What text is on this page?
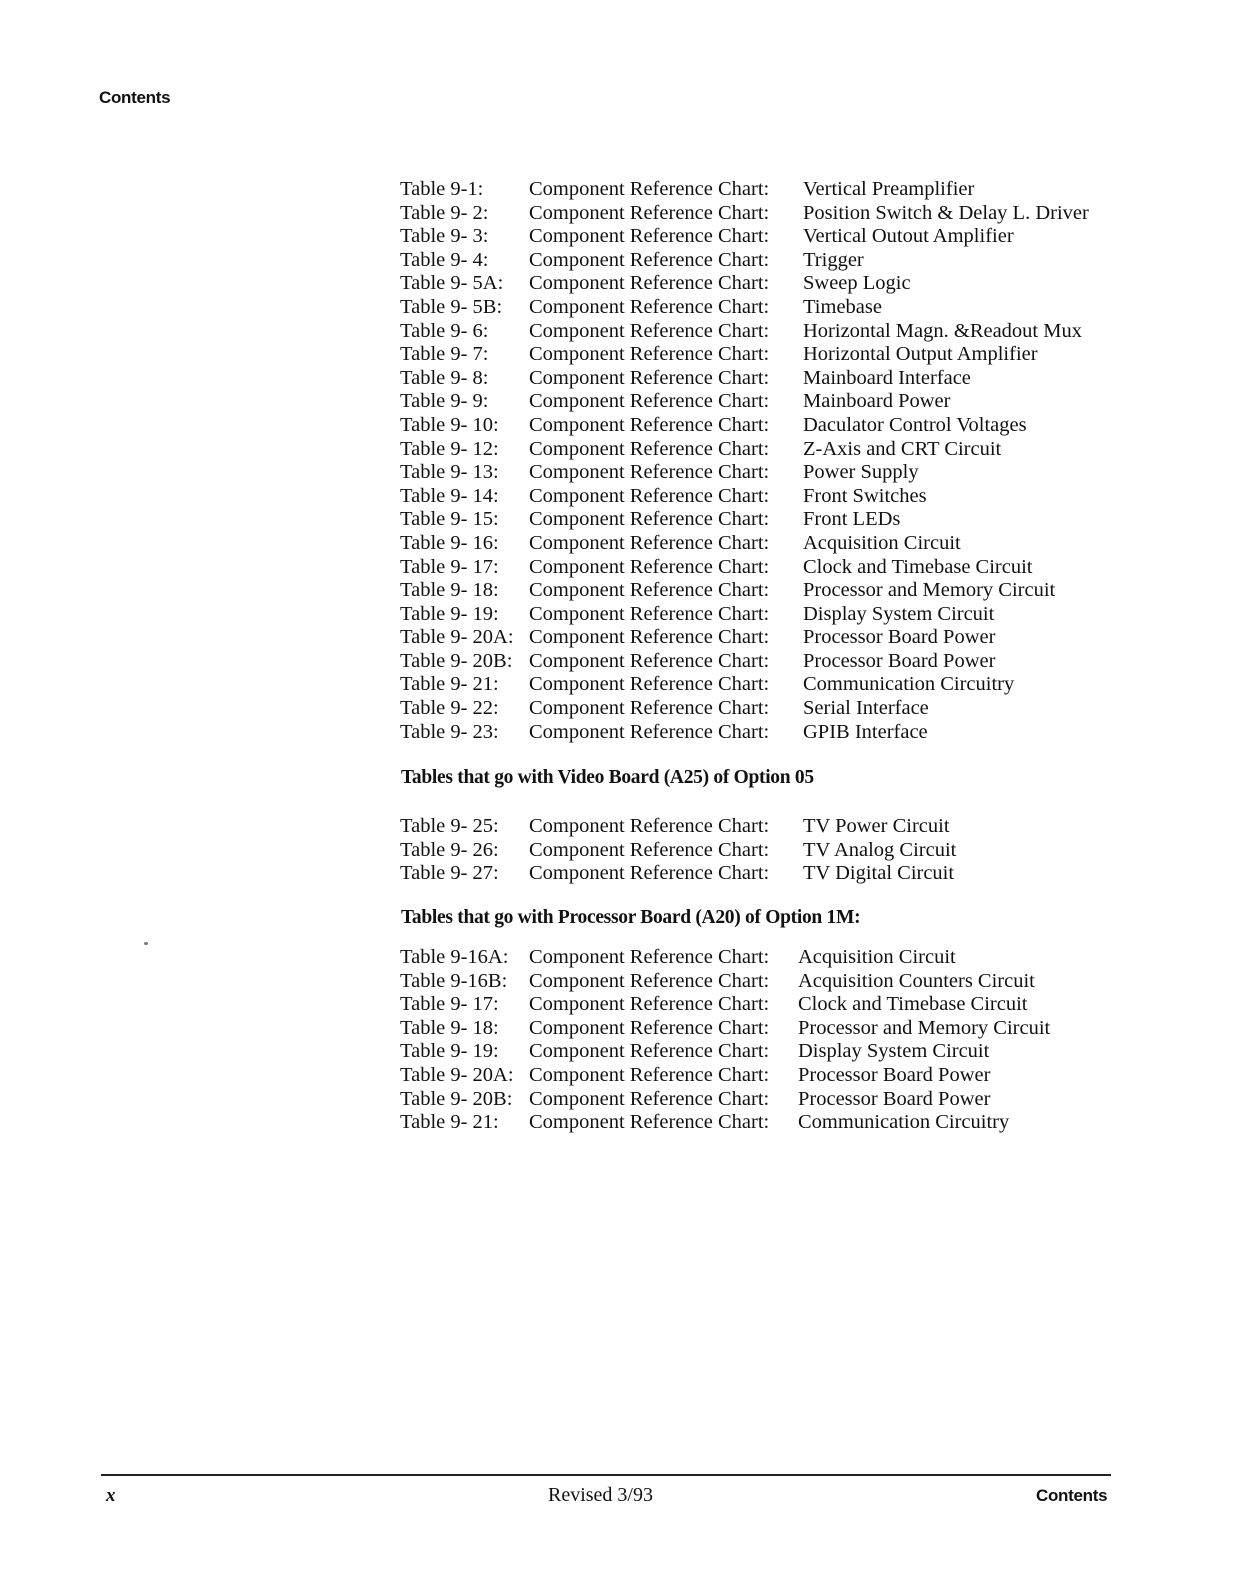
Contents
Table 9-1: Component Reference Chart: Vertical Preamplifier
Table 9- 2: Component Reference Chart: Position Switch & Delay L. Driver
Table 9- 3: Component Reference Chart: Vertical Outout Amplifier
Table 9- 4: Component Reference Chart: Trigger
Table 9- 5A: Component Reference Chart: Sweep Logic
Table 9- 5B: Component Reference Chart: Timebase
Table 9- 6: Component Reference Chart: Horizontal Magn. &Readout Mux
Table 9- 7: Component Reference Chart: Horizontal Output Amplifier
Table 9- 8: Component Reference Chart: Mainboard Interface
Table 9- 9: Component Reference Chart: Mainboard Power
Table 9- 10: Component Reference Chart: Daculator Control Voltages
Table 9- 12: Component Reference Chart: Z-Axis and CRT Circuit
Table 9- 13: Component Reference Chart: Power Supply
Table 9- 14: Component Reference Chart: Front Switches
Table 9- 15: Component Reference Chart: Front LEDs
Table 9- 16: Component Reference Chart: Acquisition Circuit
Table 9- 17: Component Reference Chart: Clock and Timebase Circuit
Table 9- 18: Component Reference Chart: Processor and Memory Circuit
Table 9- 19: Component Reference Chart: Display System Circuit
Table 9- 20A: Component Reference Chart: Processor Board Power
Table 9- 20B: Component Reference Chart: Processor Board Power
Table 9- 21: Component Reference Chart: Communication Circuitry
Table 9- 22: Component Reference Chart: Serial Interface
Table 9- 23: Component Reference Chart: GPIB Interface
Tables that go with Video Board (A25) of Option 05
Table 9- 25: Component Reference Chart: TV Power Circuit
Table 9- 26: Component Reference Chart: TV Analog Circuit
Table 9- 27: Component Reference Chart: TV Digital Circuit
Tables that go with Processor Board (A20) of Option 1M:
Table 9-16A: Component Reference Chart: Acquisition Circuit
Table 9-16B: Component Reference Chart: Acquisition Counters Circuit
Table 9- 17: Component Reference Chart: Clock and Timebase Circuit
Table 9- 18: Component Reference Chart: Processor and Memory Circuit
Table 9- 19: Component Reference Chart: Display System Circuit
Table 9- 20A: Component Reference Chart: Processor Board Power
Table 9- 20B: Component Reference Chart: Processor Board Power
Table 9- 21: Component Reference Chart: Communication Circuitry
x	Revised 3/93	Contents
